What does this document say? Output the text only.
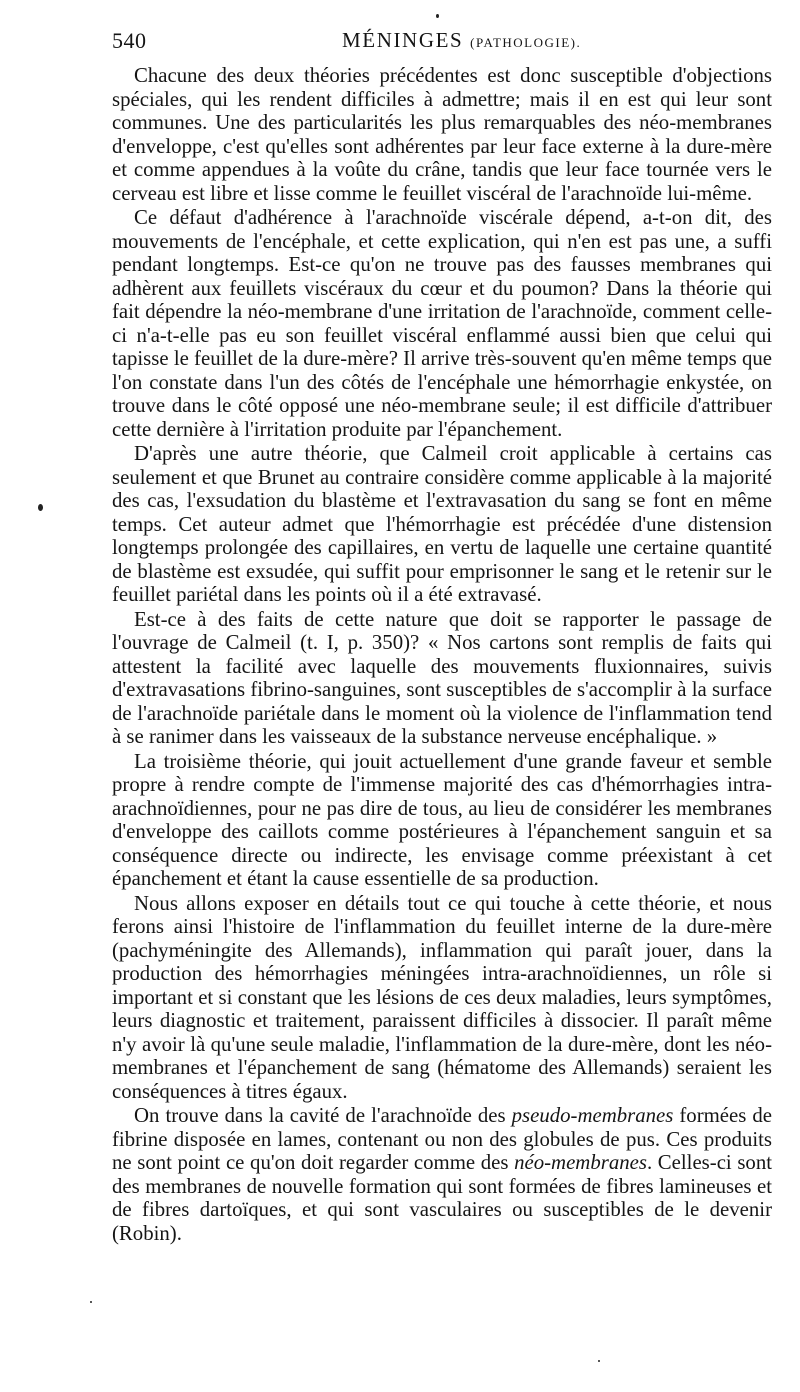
540	MÉNINGES (PATHOLOGIE).

Chacune des deux théories précédentes est donc susceptible d'objections spéciales, qui les rendent difficiles à admettre; mais il en est qui leur sont communes. Une des particularités les plus remarquables des néo-membranes d'enveloppe, c'est qu'elles sont adhérentes par leur face externe à la dure-mère et comme appendues à la voûte du crâne, tandis que leur face tournée vers le cerveau est libre et lisse comme le feuillet viscéral de l'arachnoïde lui-même.

Ce défaut d'adhérence à l'arachnoïde viscérale dépend, a-t-on dit, des mouvements de l'encéphale, et cette explication, qui n'en est pas une, a suffi pendant longtemps. Est-ce qu'on ne trouve pas des fausses membranes qui adhèrent aux feuillets viscéraux du cœur et du poumon? Dans la théorie qui fait dépendre la néo-membrane d'une irritation de l'arachnoïde, comment celle-ci n'a-t-elle pas eu son feuillet viscéral enflammé aussi bien que celui qui tapisse le feuillet de la dure-mère? Il arrive très-souvent qu'en même temps que l'on constate dans l'un des côtés de l'encéphale une hémorrhagie enkystée, on trouve dans le côté opposé une néo-membrane seule; il est difficile d'attribuer cette dernière à l'irritation produite par l'épanchement.

D'après une autre théorie, que Calmeil croit applicable à certains cas seulement et que Brunet au contraire considère comme applicable à la majorité des cas, l'exsudation du blastème et l'extravasation du sang se font en même temps. Cet auteur admet que l'hémorrhagie est précédée d'une distension longtemps prolongée des capillaires, en vertu de laquelle une certaine quantité de blastème est exsudée, qui suffit pour emprisonner le sang et le retenir sur le feuillet pariétal dans les points où il a été extravasé.

Est-ce à des faits de cette nature que doit se rapporter le passage de l'ouvrage de Calmeil (t. I, p. 350)? « Nos cartons sont remplis de faits qui attestent la facilité avec laquelle des mouvements fluxionnaires, suivis d'extravasations fibrino-sanguines, sont susceptibles de s'accomplir à la surface de l'arachnoïde pariétale dans le moment où la violence de l'inflammation tend à se ranimer dans les vaisseaux de la substance nerveuse encéphalique. »

La troisième théorie, qui jouit actuellement d'une grande faveur et semble propre à rendre compte de l'immense majorité des cas d'hémorrhagies intra-arachnoïdiennes, pour ne pas dire de tous, au lieu de considérer les membranes d'enveloppe des caillots comme postérieures à l'épanchement sanguin et sa conséquence directe ou indirecte, les envisage comme préexistant à cet épanchement et étant la cause essentielle de sa production.

Nous allons exposer en détails tout ce qui touche à cette théorie, et nous ferons ainsi l'histoire de l'inflammation du feuillet interne de la dure-mère (pachyméningite des Allemands), inflammation qui paraît jouer, dans la production des hémorrhagies méningées intra-arachnoïdiennes, un rôle si important et si constant que les lésions de ces deux maladies, leurs symptômes, leurs diagnostic et traitement, paraissent difficiles à dissocier. Il paraît même n'y avoir là qu'une seule maladie, l'inflammation de la dure-mère, dont les néo-membranes et l'épanchement de sang (hématome des Allemands) seraient les conséquences à titres égaux.

On trouve dans la cavité de l'arachnoïde des pseudo-membranes formées de fibrine disposée en lames, contenant ou non des globules de pus. Ces produits ne sont point ce qu'on doit regarder comme des néo-membranes. Celles-ci sont des membranes de nouvelle formation qui sont formées de fibres lamineuses et de fibres dartoïques, et qui sont vasculaires ou susceptibles de le devenir (Robin).
